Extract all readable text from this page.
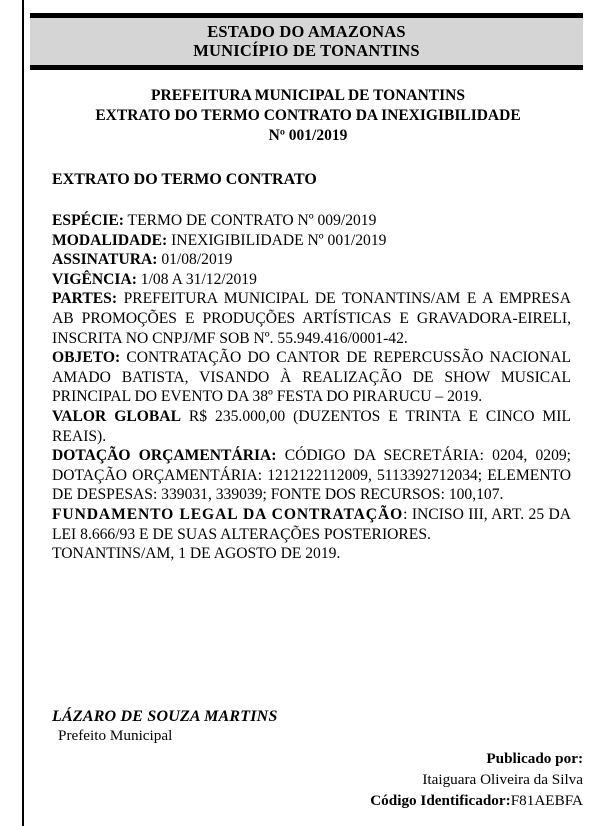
ESTADO DO AMAZONAS
MUNICÍPIO DE TONANTINS
PREFEITURA MUNICIPAL DE TONANTINS
EXTRATO DO TERMO CONTRATO DA INEXIGIBILIDADE
Nº 001/2019
EXTRATO DO TERMO CONTRATO

ESPÉCIE: TERMO DE CONTRATO Nº 009/2019

MODALIDADE: INEXIGIBILIDADE Nº 001/2019

ASSINATURA: 01/08/2019

VIGÊNCIA: 1/08 A 31/12/2019

PARTES: PREFEITURA MUNICIPAL DE TONANTINS/AM E A EMPRESA AB PROMOÇÕES E PRODUÇÕES ARTÍSTICAS E GRAVADORA-EIRELI, INSCRITA NO CNPJ/MF SOB Nº. 55.949.416/0001-42.

OBJETO: CONTRATAÇÃO DO CANTOR DE REPERCUSSÃO NACIONAL AMADO BATISTA, VISANDO À REALIZAÇÃO DE SHOW MUSICAL PRINCIPAL DO EVENTO DA 38º FESTA DO PIRARUCU – 2019.

VALOR GLOBAL R$ 235.000,00 (DUZENTOS E TRINTA E CINCO MIL REAIS).

DOTAÇÃO ORÇAMENTÁRIA: CÓDIGO DA SECRETÁRIA: 0204, 0209; DOTAÇÃO ORÇAMENTÁRIA: 1212122112009, 5113392712034; ELEMENTO DE DESPESAS: 339031, 339039; FONTE DOS RECURSOS: 100,107.

FUNDAMENTO LEGAL DA CONTRATAÇÃO: INCISO III, ART. 25 DA LEI 8.666/93 E DE SUAS ALTERAÇÕES POSTERIORES.

TONANTINS/AM, 1 DE AGOSTO DE 2019.

LÁZARO DE SOUZA MARTINS
Prefeito Municipal
Publicado por:
Itaiguara Oliveira da Silva
Código Identificador:F81AEBFA
